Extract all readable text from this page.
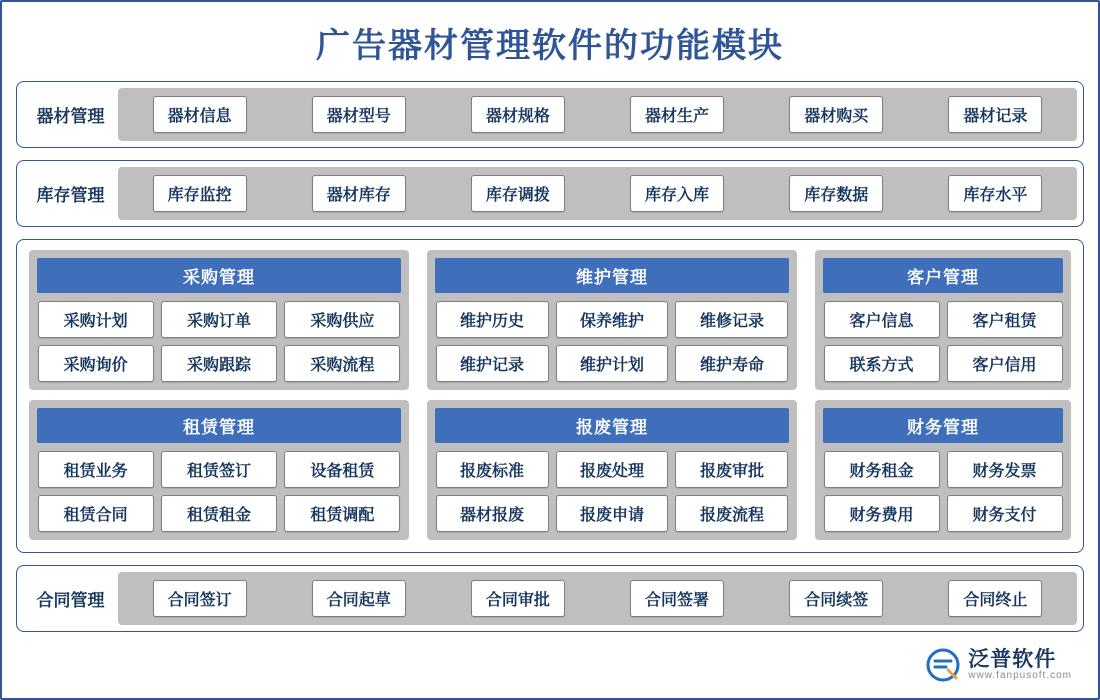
广告器材管理软件的功能模块
器材管理	器材信息	器材型号	器材规格	器材生产	器材购买	器材记录
库存管理	库存监控	器材库存	库存调拨	库存入库	库存数据	库存水平
采购管理
采购计划	采购订单	采购供应
采购询价	采购跟踪	采购流程
维护管理
维护历史	保养维护	维修记录
维护记录	维护计划	维护寿命
客户管理
客户信息	客户租赁
联系方式	客户信用
租赁管理
租赁业务	租赁签订	设备租赁
租赁合同	租赁租金	租赁调配
报废管理
报废标准	报废处理	报废审批
器材报废	报废申请	报废流程
财务管理
财务租金	财务发票
财务费用	财务支付
合同管理	合同签订	合同起草	合同审批	合同签署	合同续签	合同终止
泛普软件
www.fanpusoft.com
